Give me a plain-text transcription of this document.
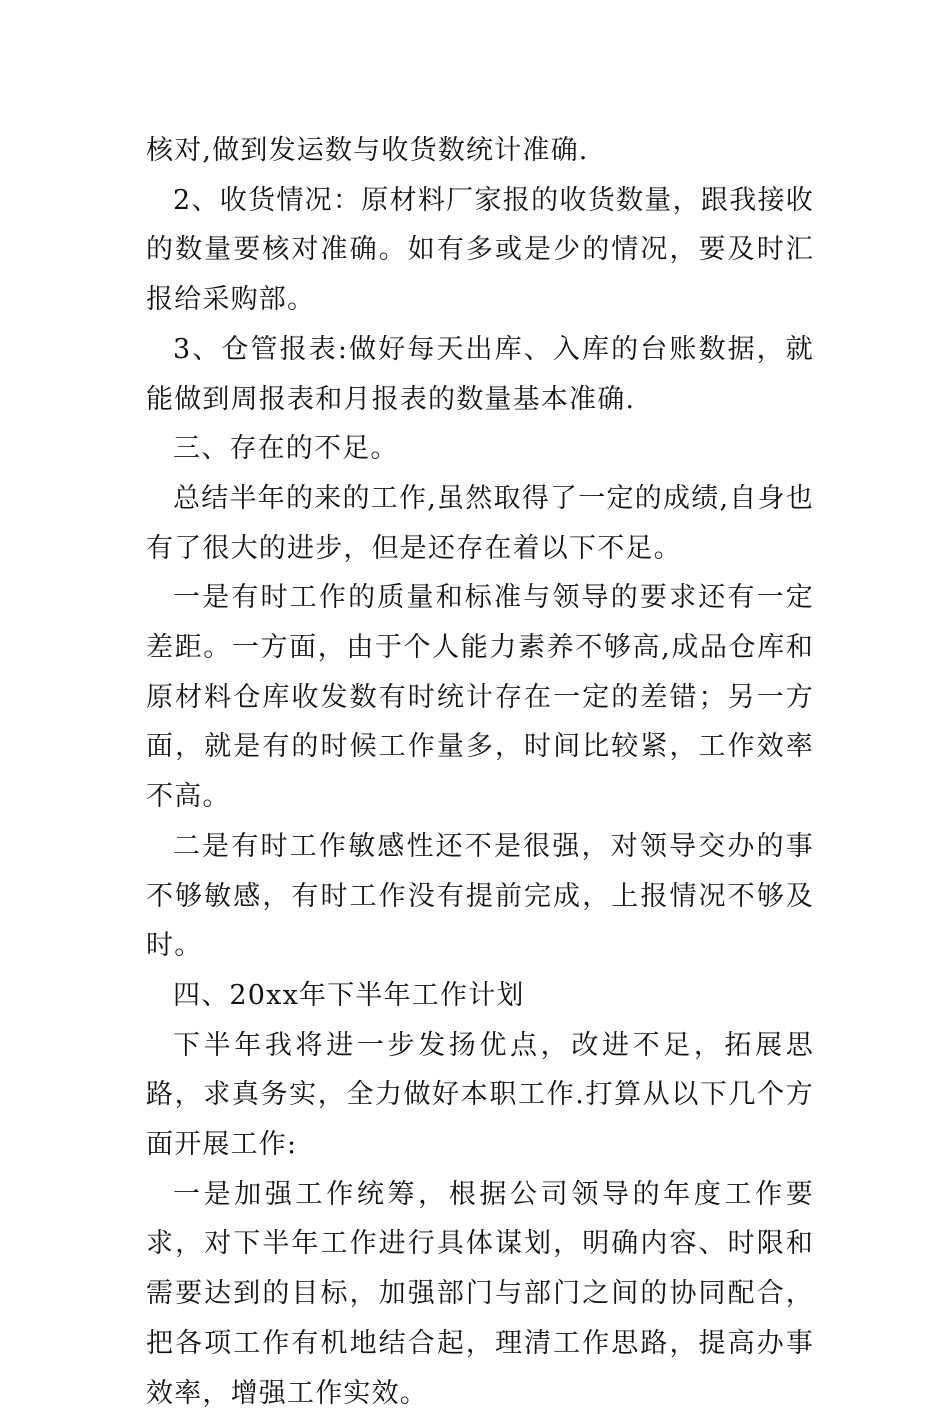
核对,做到发运数与收货数统计准确.

2、收货情况：原材料厂家报的收货数量，跟我接收的数量要核对准确。如有多或是少的情况，要及时汇报给采购部。

3、仓管报表:做好每天出库、入库的台账数据，就能做到周报表和月报表的数量基本准确.

三、存在的不足。

总结半年的来的工作,虽然取得了一定的成绩,自身也有了很大的进步，但是还存在着以下不足。

一是有时工作的质量和标准与领导的要求还有一定差距。一方面，由于个人能力素养不够高,成品仓库和原材料仓库收发数有时统计存在一定的差错；另一方面，就是有的时候工作量多，时间比较紧，工作效率不高。

二是有时工作敏感性还不是很强，对领导交办的事不够敏感，有时工作没有提前完成，上报情况不够及时。

四、20xx年下半年工作计划

下半年我将进一步发扬优点，改进不足，拓展思路，求真务实，全力做好本职工作.打算从以下几个方面开展工作:

一是加强工作统筹，根据公司领导的年度工作要求，对下半年工作进行具体谋划，明确内容、时限和需要达到的目标，加强部门与部门之间的协同配合，把各项工作有机地结合起，理清工作思路，提高办事效率，增强工作实效。
